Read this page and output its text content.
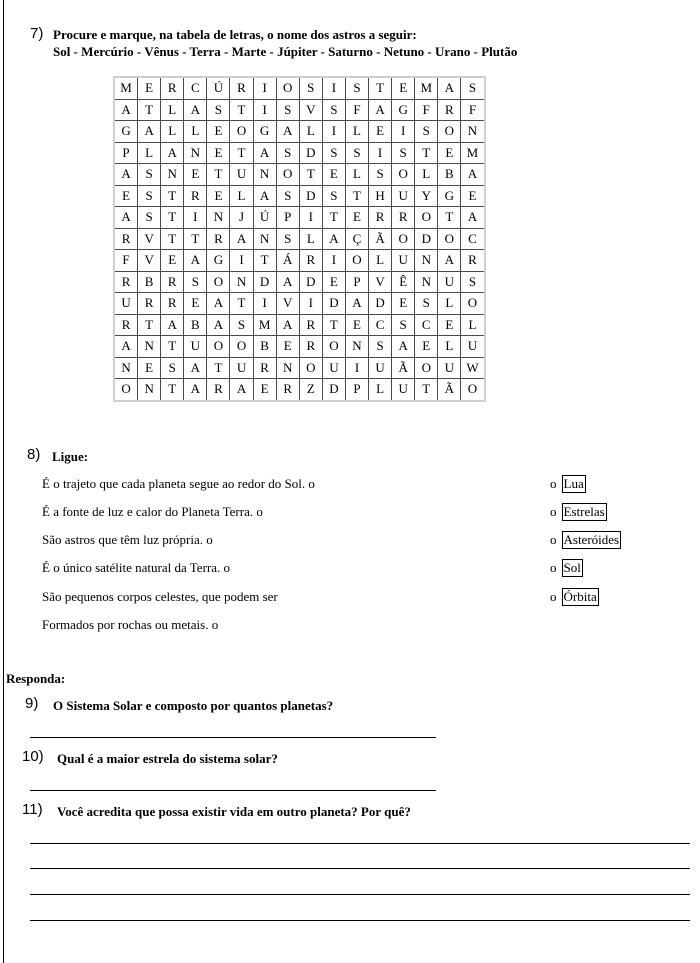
7) Procure e marque, na tabela de letras, o nome dos astros a seguir:
Sol - Mercúrio - Vênus - Terra - Marte - Júpiter - Saturno - Netuno - Urano - Plutão
M	E	R	C	Ú	R	I	O	S	I	S	T	E	M	A	S
A	T	L	A	S	T	I	S	V	S	F	A	G	F	R	F
G	A	L	L	E	O	G	A	L	I	L	E	I	S	O	N
P	L	A	N	E	T	A	S	D	S	S	I	S	T	E	M
A	S	N	E	T	U	N	O	T	E	L	S	O	L	B	A
E	S	T	R	E	L	A	S	D	S	T	H	U	Y	G	E
A	S	T	I	N	J	Ú	P	I	T	E	R	R	O	T	A
R	V	T	T	R	A	N	S	L	A	Ç	Ã	O	D	O	C
F	V	E	A	G	I	T	Á	R	I	O	L	U	N	A	R
R	B	R	S	O	N	D	A	D	E	P	V	Ê	N	U	S
U	R	R	E	A	T	I	V	I	D	A	D	E	S	L	O
R	T	A	B	A	S	M	A	R	T	E	C	S	C	E	L
A	N	T	U	O	O	B	E	R	O	N	S	A	E	L	U
N	E	S	A	T	U	R	N	O	U	I	U	Ã	O	U	W
O	N	T	A	R	A	E	R	Z	D	P	L	U	T	Ã	O
8) Ligue:
É o trajeto que cada planeta segue ao redor do Sol. o
É a fonte de luz e calor do Planeta Terra. o
São astros que têm luz própria. o
É o único satélite natural da Terra. o
São pequenos corpos celestes, que podem ser
Formados por rochas ou metais. o
o Lua
o Estrelas
o Asteróides
o Sol
o Órbita
Responda:
9) O Sistema Solar e composto por quantos planetas?
10) Qual é a maior estrela do sistema solar?
11) Você acredita que possa existir vida em outro planeta? Por quê?
